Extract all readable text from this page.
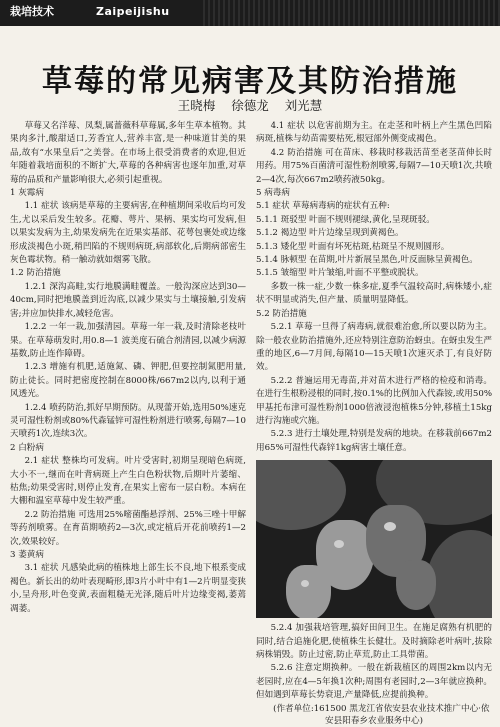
栽培技术	Zaipeijishu
草莓的常见病害及其防治措施
王晓梅 徐德龙 刘光慧

草莓又名洋莓、凤梨,属蔷薇科草莓属,多年生草本植物。其果肉多汁,酸甜适口,芳香宜人,营养丰富,是一种味道甘美的果品,故有“水果皇后”之美誉。在市场上很受消费者的欢迎,但近年随着栽培面积的不断扩大,草莓的各种病害也逐年加重,对草莓的品质和产量影响很大,必须引起重视。

1 灰霉病

1.1 症状 该病是草莓的主要病害,在种植期间采收后均可发生,尤以采后发生较多。花瓣、萼片、果柄、果实均可发病,但以果实发病为主,幼果发病先在近果实基部、花萼包裹处或边缘形成淡褐色小斑,稍凹陷的不规则病斑,病部软化,后期病部密生灰色霉状物。稍一触动就如烟雾飞散。

1.2 防治措施

1.2.1 深沟高畦,实行地膜满畦覆盖。一般沟深应达到30—40cm,同时把地膜盖到近沟底,以减少果实与土壤接触,引发病害;并应加快排水,减轻危害。

1.2.2 一年一栽,加强清园。草莓一年一栽,及时清除老枝叶果。在草莓萌发时,用0.8—1 波美度石硫合剂清园,以减少病源基数,防止连作障碍。

1.2.3 增施有机肥,适施氮、磷、钾肥,但要控制氮肥用量,防止徒长。同时把密度控制在8000株/667m2以内,以利于通风透光。

1.2.4 喷药防治,抓好早期预防。从现蕾开始,选用50%速克灵可湿性粉剂或80%代森锰锌可湿性粉剂进行喷雾,每隔7—10天喷药1次,连续3次。

2 白粉病

2.1 症状 整株均可发病。叶片受害时,初期呈现暗色病斑,大小不一,继而在叶背病斑上产生白色粉状物,后期叶片萎缩、枯焦;幼果受害时,则停止发育,在果实上密布一层白粉。本病在大棚和温室草莓中发生较严重。

2.2 防治措施 可选用25%嘧菌酯悬浮剂、25%三唑十甲解等药剂喷雾。在育苗期喷药2—3次,或定植后开花前喷药1—2次,效果较好。

3 萎黄病

3.1 症状 凡感染此病的植株地上部生长不良,地下根系变成褐色。新长出的幼叶表现畸形,即3片小叶中有1—2片明显变狭小,呈舟形,叶色变黄,表面粗糙无光泽,随后叶片边缘变褐,萎蔫凋萎。

4.1 症状 以危害前期为主。在走茎和叶柄上产生黑色凹陷病斑,植株与幼苗需要枯死,根冠部外侧变成褐色。

4.2 防治措施 可在苗床、移栽时移栽活苗至老茎苗伸长时用药。用75%百菌清可湿性粉剂喷雾,每隔7—10天喷1次,共喷2—4次,每次667m2喷药液50kg。

5 病毒病

5.1 症状 草莓病毒病的症状有五种:

5.1.1 斑驳型 叶面不规则褪绿,黄化,呈现斑驳。

5.1.2 褐边型 叶片边缘呈现到黄褐色。

5.1.3 矮化型 叶面有坏死枯斑,枯斑呈不规则圆形。

5.1.4 脉顿型 在苗期,叶片新展呈黑色,叶反面脉呈黄褐色。

5.1.5 皱缩型 叶片皱缩,叶面不平整或脱状。

多数一株一症,少数一株多症,夏季气温较高时,病株矮小,症状不明显或消失,但产量、质量明显降低。

5.2 防治措施

5.2.1 草莓一旦得了病毒病,就很难治愈,所以要以防为主。除一般农业防治措施外,还应特别注意防治蚜虫。在蚜虫发生严重的地区,6—7月间,每隔10—15天喷1次速灭杀丁,有良好防效。

5.2.2 普遍运用无毒苗,并对苗木进行严格的检疫和消毒。在进行生根粉浸根的同时,按0.1%的比例加入代森铵,或用50%甲基托布津可湿性粉剂1000倍液浸泡植株5分钟,移植土15kg进行沟施或穴施。

5.2.3 进行土壤处理,特别是发病的地块。在移栽前667m2用65%可湿性代森锌1kg病害土壤任意。

5.2.4 加强栽培管理,搞好田间卫生。在施足腐熟有机肥的同时,结合追施化肥,使植株生长健壮。及时摘除老叶病叶,拔除病株销毁。防止过密,防止草荒,防止工具带菌。

5.2.6 注意定期换种。一般在新栽植区的周围2km以内无老园时,应在4—5年换1次种;周围有老园时,2—3年就应换种。但如遇到草莓长势衰退,产量降低,应提前换种。

(作者单位:161500 黑龙江省依安县农业技术推广中心·依安县阳春乡农业服务中心)
